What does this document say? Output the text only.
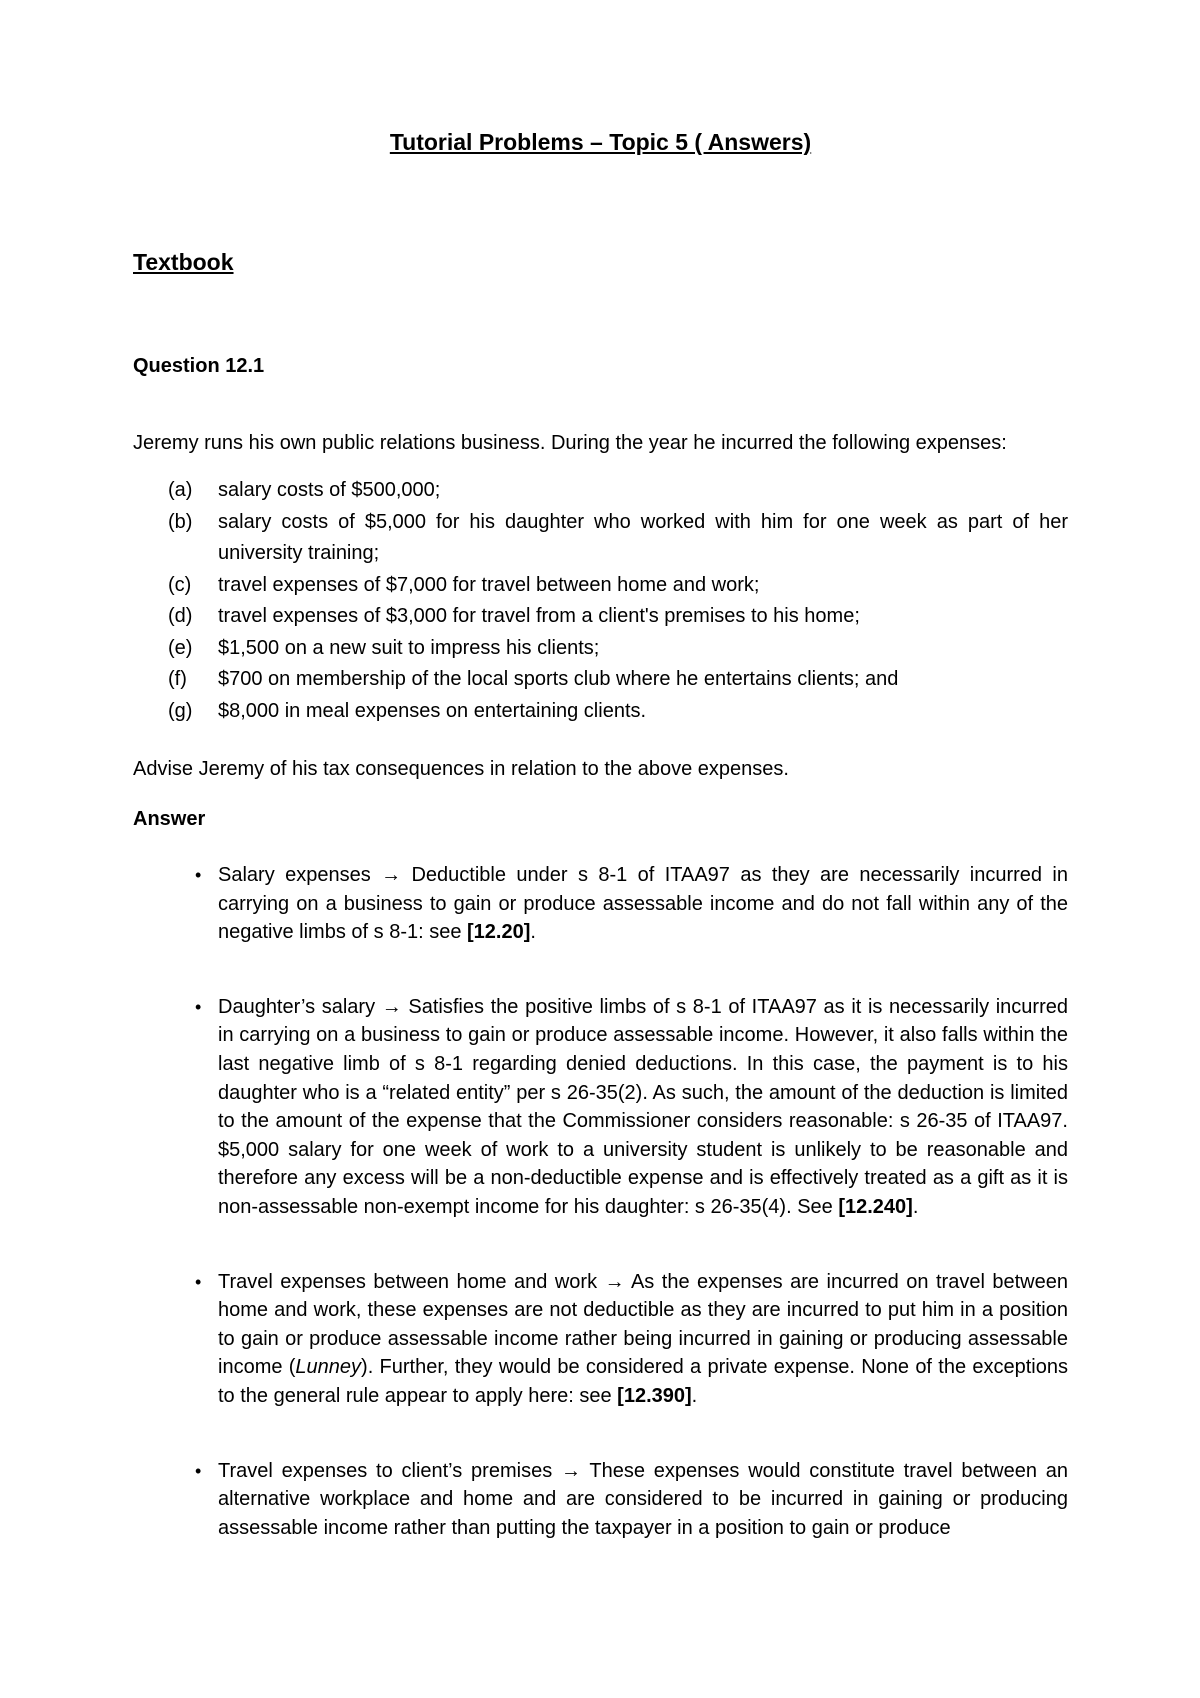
Tutorial Problems – Topic 5 ( Answers)
Textbook
Question 12.1

Jeremy runs his own public relations business. During the year he incurred the following expenses:

(a)	salary costs of $500,000;
(b)	salary costs of $5,000 for his daughter who worked with him for one week as part of her university training;
(c)	travel expenses of $7,000 for travel between home and work;
(d)	travel expenses of $3,000 for travel from a client's premises to his home;
(e)	$1,500 on a new suit to impress his clients;
(f)	$700 on membership of the local sports club where he entertains clients; and
(g)	$8,000 in meal expenses on entertaining clients.

Advise Jeremy of his tax consequences in relation to the above expenses.

Answer
• Salary expenses → Deductible under s 8-1 of ITAA97 as they are necessarily incurred in carrying on a business to gain or produce assessable income and do not fall within any of the negative limbs of s 8-1: see [12.20].
• Daughter’s salary → Satisfies the positive limbs of s 8-1 of ITAA97 as it is necessarily incurred in carrying on a business to gain or produce assessable income. However, it also falls within the last negative limb of s 8-1 regarding denied deductions. In this case, the payment is to his daughter who is a “related entity” per s 26-35(2). As such, the amount of the deduction is limited to the amount of the expense that the Commissioner considers reasonable: s 26-35 of ITAA97. $5,000 salary for one week of work to a university student is unlikely to be reasonable and therefore any excess will be a non-deductible expense and is effectively treated as a gift as it is non-assessable non-exempt income for his daughter: s 26-35(4). See [12.240].
• Travel expenses between home and work → As the expenses are incurred on travel between home and work, these expenses are not deductible as they are incurred to put him in a position to gain or produce assessable income rather being incurred in gaining or producing assessable income (Lunney). Further, they would be considered a private expense. None of the exceptions to the general rule appear to apply here: see [12.390].
• Travel expenses to client’s premises → These expenses would constitute travel between an alternative workplace and home and are considered to be incurred in gaining or producing assessable income rather than putting the taxpayer in a position to gain or produce
